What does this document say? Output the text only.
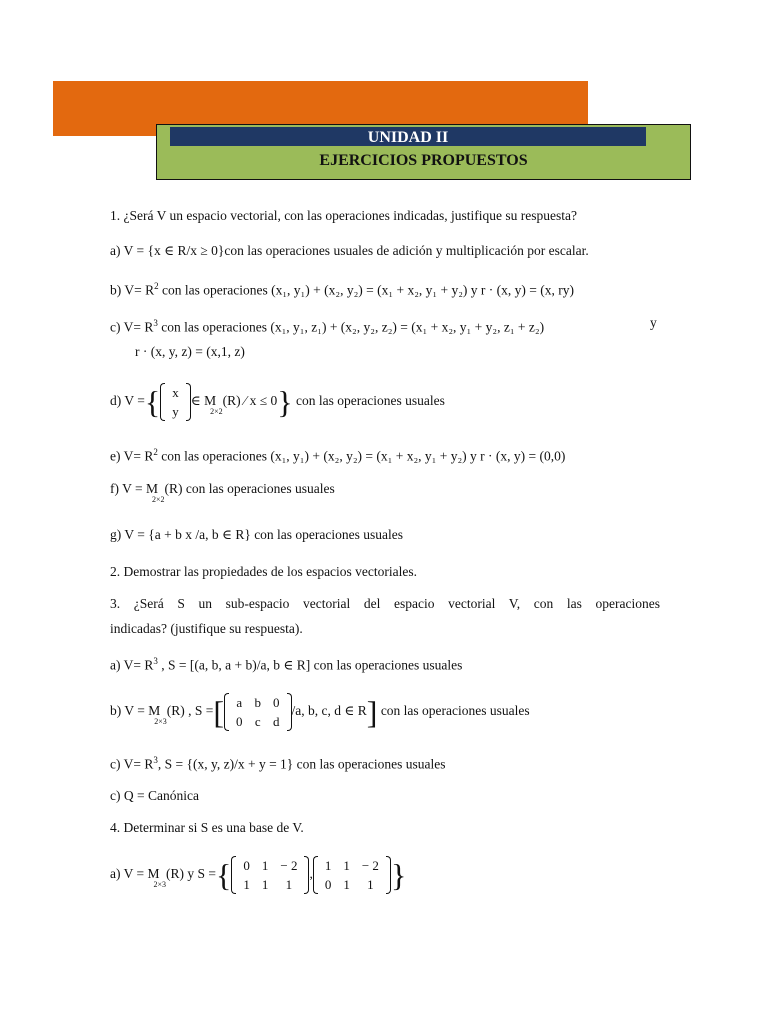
UNIDAD II
EJERCICIOS PROPUESTOS
1. ¿Será V un espacio vectorial, con las operaciones indicadas, justifique su respuesta?
a) V = {x ∈ R/x ≥ 0}con las operaciones usuales de adición y multiplicación por escalar.
b) $V= R^2$ con las operaciones (x₁, y₁) + (x₂, y₂) = (x₁ + x₂, y₁ + y₂) y r · (x, y) = (x, ry)
c) $V= R^3$ con las operaciones (x₁, y₁, z₁) + (x₂, y₂, z₂) = (x₁ + x₂, y₁ + y₂, z₁ + z₂)	y
r · (x, y, z) = (x,1, z)
d) V ={ x
y
∈ $M_{2\times 2}(R)$ ⁄ x ≤ 0} con las operaciones usuales
e) $V= R^2$ con las operaciones (x₁, y₁) + (x₂, y₂) = (x₁ + x₂, y₁ + y₂) y r · (x, y) = (0,0)
f) $V = M_{2\times 2}(R)$ con las operaciones usuales
g) V = {a + b x /a, b ∈ R} con las operaciones usuales
2. Demostrar las propiedades de los espacios vectoriales.
3. ¿Será S un sub-espacio vectorial del espacio vectorial V, con las operaciones
indicadas? (justifique su respuesta).
a) $V= R^3$ , S = [(a, b, a + b)/a, b ∈ R] con las operaciones usuales
b) $V = M_{2\times 3}(R)$ , S =[ a	b	0
0	c	d
/a, b, c, d ∈ R] con las operaciones usuales
c) $V= R^3$, S = {(x, y, z)/x + y = 1} con las operaciones usuales
c) Q = Canónica
4. Determinar si S es una base de V.
a) $V = M_{2\times 3}(R)$ y S ={ 0	1	− 2
1	1	1
,
1	1	− 2
0	1	1 }
